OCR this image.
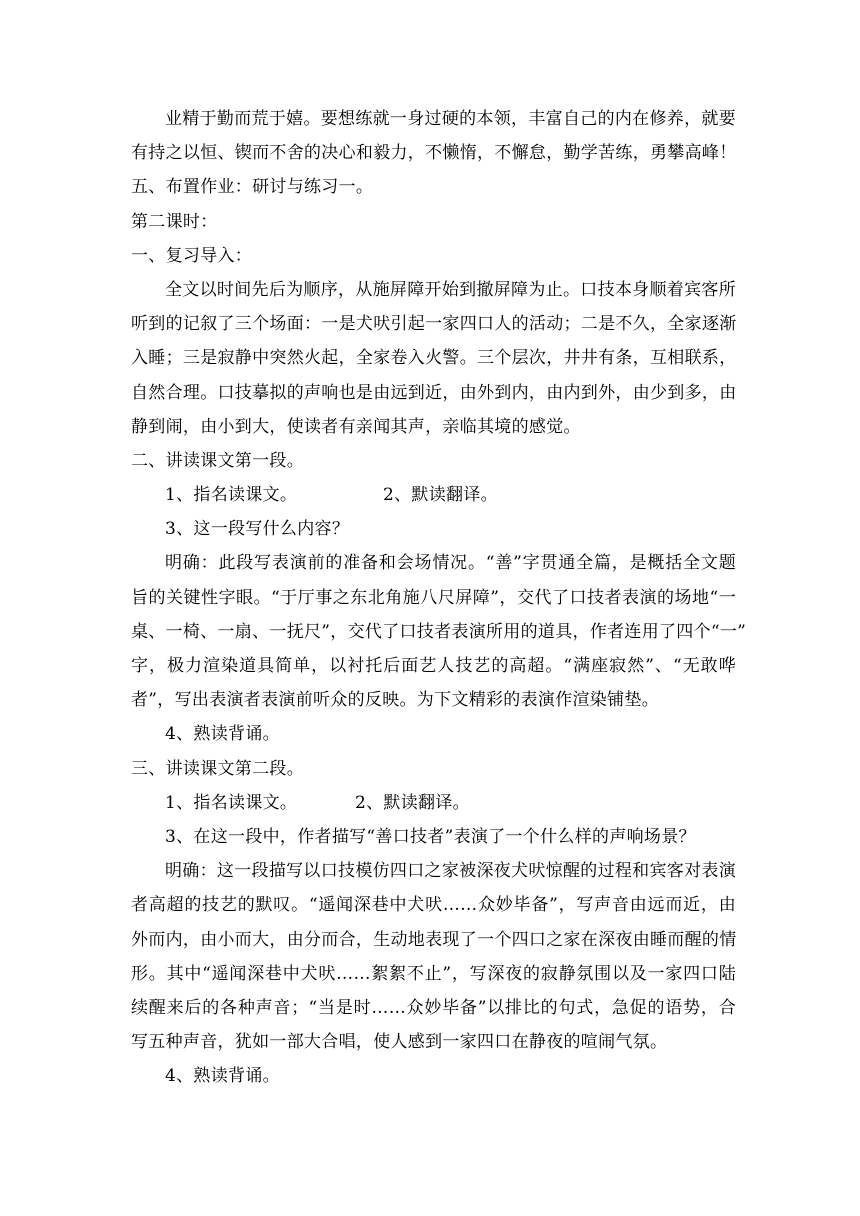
业精于勤而荒于嬉。要想练就一身过硬的本领，丰富自己的内在修养，就要
有持之以恒、锲而不舍的决心和毅力，不懒惰，不懈怠，勤学苦练，勇攀高峰！
五、布置作业：研讨与练习一。
第二课时：
一、复习导入：
全文以时间先后为顺序，从施屏障开始到撤屏障为止。口技本身顺着宾客所
听到的记叙了三个场面：一是犬吠引起一家四口人的活动；二是不久，全家逐渐
入睡；三是寂静中突然火起，全家卷入火警。三个层次，井井有条，互相联系，
自然合理。口技摹拟的声响也是由远到近，由外到内，由内到外，由少到多，由
静到闹，由小到大，使读者有亲闻其声，亲临其境的感觉。
二、讲读课文第一段。
1、指名读课文。	2、默读翻译。
3、这一段写什么内容？
明确：此段写表演前的准备和会场情况。“善”字贯通全篇，是概括全文题
旨的关键性字眼。“于厅事之东北角施八尺屏障”，交代了口技者表演的场地“一
桌、一椅、一扇、一抚尺”，交代了口技者表演所用的道具，作者连用了四个“一”
字，极力渲染道具简单，以衬托后面艺人技艺的高超。“满座寂然”、“无敢哗
者”，写出表演者表演前听众的反映。为下文精彩的表演作渲染铺垫。
4、熟读背诵。
三、讲读课文第二段。
1、指名读课文。	2、默读翻译。
3、在这一段中，作者描写“善口技者”表演了一个什么样的声响场景？
明确：这一段描写以口技模仿四口之家被深夜犬吠惊醒的过程和宾客对表演
者高超的技艺的默叹。“遥闻深巷中犬吠……众妙毕备”，写声音由远而近，由
外而内，由小而大，由分而合，生动地表现了一个四口之家在深夜由睡而醒的情
形。其中“遥闻深巷中犬吠……絮絮不止”，写深夜的寂静氛围以及一家四口陆
续醒来后的各种声音；“当是时……众妙毕备”以排比的句式，急促的语势，合
写五种声音，犹如一部大合唱，使人感到一家四口在静夜的喧闹气氛。
4、熟读背诵。
